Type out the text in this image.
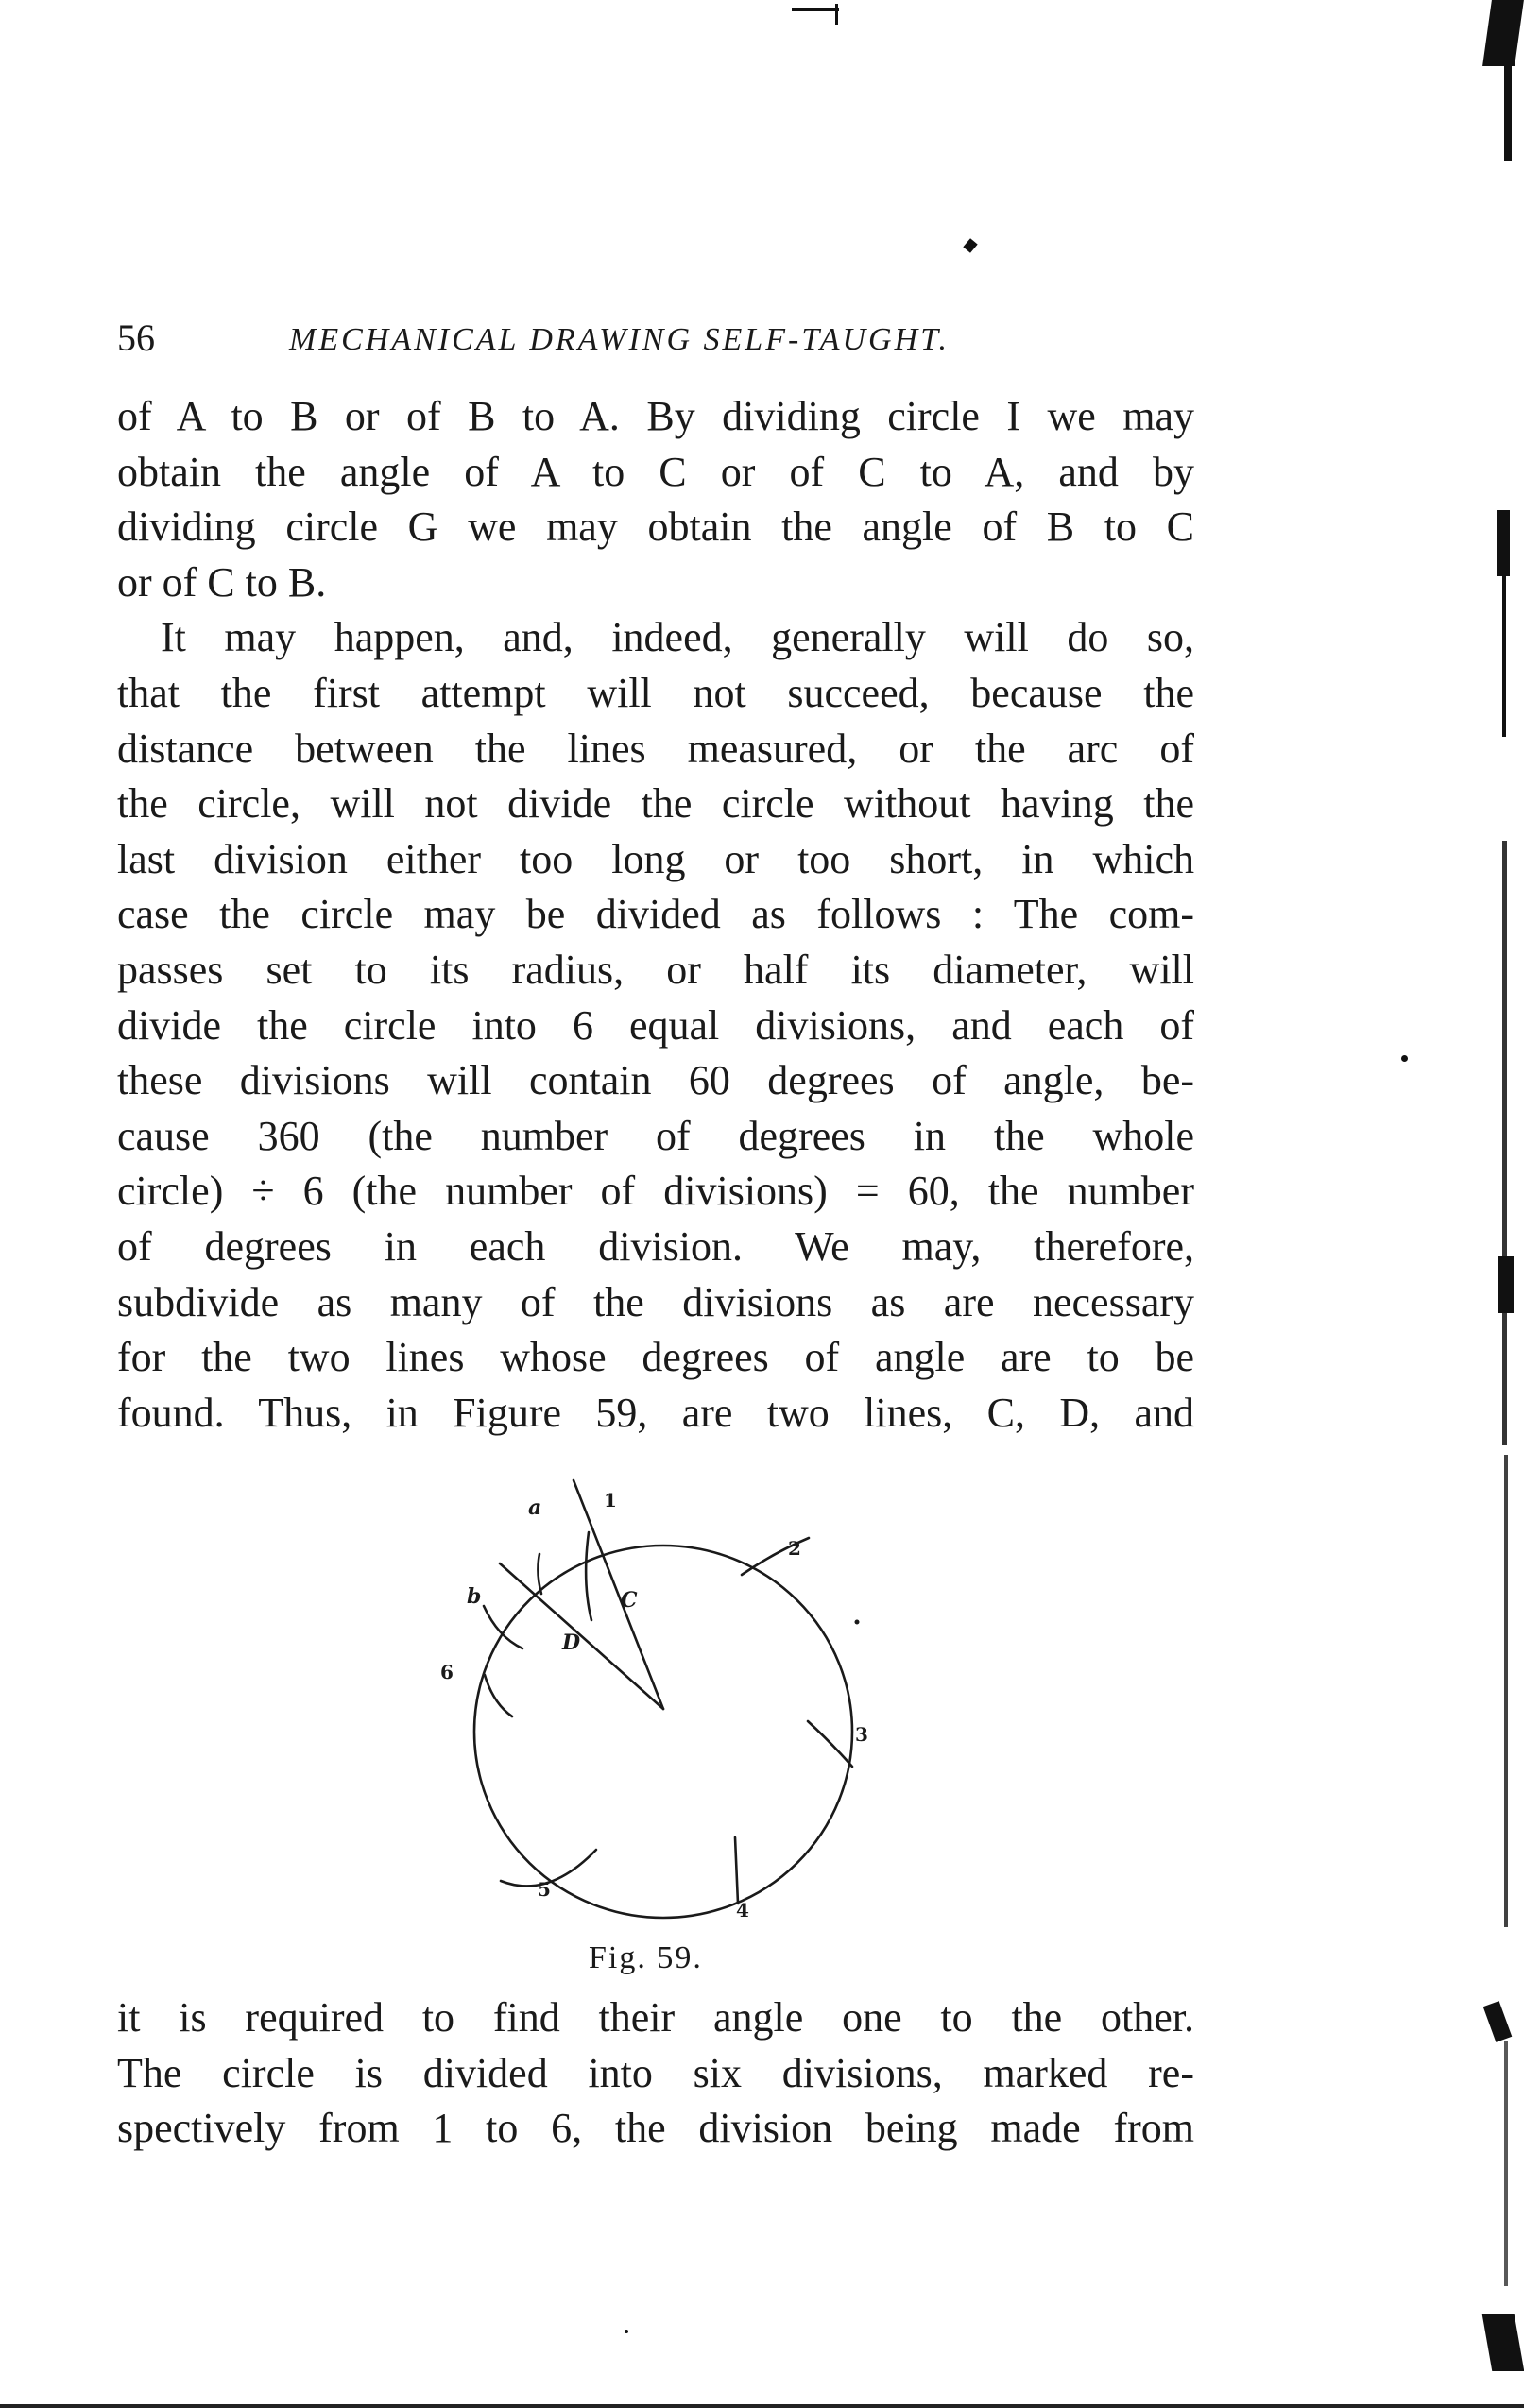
56	MECHANICAL DRAWING SELF-TAUGHT.
of A to B or of B to A. By dividing circle I we may
obtain the angle of A to C or of C to A, and by
dividing circle G we may obtain the angle of B to C
or of C to B.
It may happen, and, indeed, generally will do so,
that the first attempt will not succeed, because the
distance between the lines measured, or the arc of
the circle, will not divide the circle without having the
last division either too long or too short, in which
case the circle may be divided as follows : The com-
passes set to its radius, or half its diameter, will
divide the circle into 6 equal divisions, and each of
these divisions will contain 60 degrees of angle, be-
cause 360 (the number of degrees in the whole
circle) ÷ 6 (the number of divisions) = 60, the number
of degrees in each division. We may, therefore,
subdivide as many of the divisions as are necessary
for the two lines whose degrees of angle are to be
found. Thus, in Figure 59, are two lines, C, D, and
a
b	C
D
1
2
3
4
5
6
Fig. 59.
it is required to find their angle one to the other.
The circle is divided into six divisions, marked re-
spectively from 1 to 6, the division being made from
